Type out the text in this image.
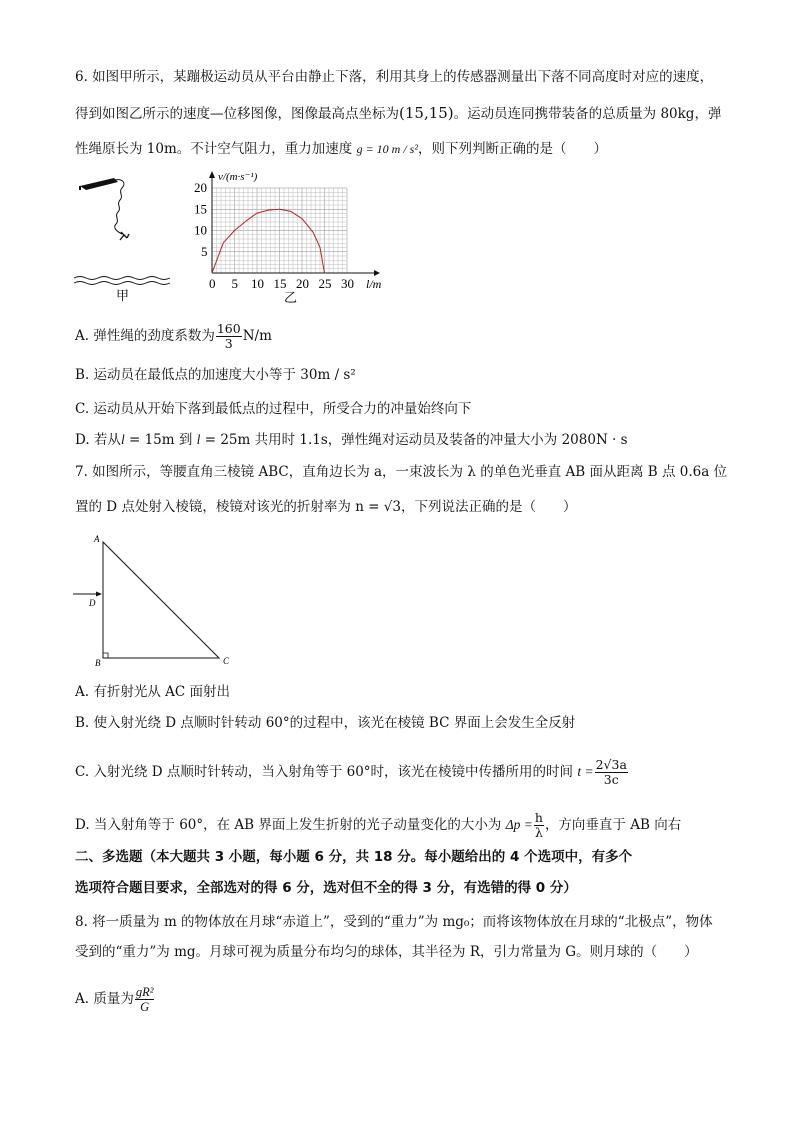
6. 如图甲所示，某蹦极运动员从平台由静止下落，利用其身上的传感器测量出下落不同高度时对应的速度，
得到如图乙所示的速度—位移图像，图像最高点坐标为(15,15)。运动员连同携带装备的总质量为 80kg，弹
性绳原长为 10m。不计空气阻力，重力加速度 g = 10 m / s²，则下列判断正确的是（　　）
甲
0 5 10 15 20 25 30
5
10
15
20
v/(m·s⁻¹)
l/m
乙
A. 弹性绳的劲度系数为 $\frac{160}{3} N/m$
B. 运动员在最低点的加速度大小等于 30m / s²
C. 运动员从开始下落到最低点的过程中，所受合力的冲量始终向下
D. 若从l = 15m 到 l = 25m 共用时 1.1s，弹性绳对运动员及装备的冲量大小为 2080N · s
7. 如图所示，等腰直角三棱镜 ABC，直角边长为 a，一束波长为 λ 的单色光垂直 AB 面从距离 B 点 0.6a 位
置的 D 点处射入棱镜，棱镜对该光的折射率为 n = √3，下列说法正确的是（　　）
A
D
B	C
A. 有折射光从 AC 面射出
B. 使入射光绕 D 点顺时针转动 60°的过程中，该光在棱镜 BC 界面上会发生全反射
C. 入射光绕 D 点顺时针转动，当入射角等于 60°时，该光在棱镜中传播所用的时间 $t = \frac{2√3a}{3c}$
D. 当入射角等于 60°，在 AB 界面上发生折射的光子动量变化的大小为 $\Delta p = \frac{h}{\lambda}$ ，方向垂直于 AB 向右
二、多选题（本大题共 3 小题，每小题 6 分，共 18 分。每小题给出的 4 个选项中，有多个
选项符合题目要求，全部选对的得 6 分，选对但不全的得 3 分，有选错的得 0 分）
8. 将一质量为 m 的物体放在月球“赤道上”，受到的“重力”为 mg₀；而将该物体放在月球的“北极点”，物体
受到的“重力”为 mg。月球可视为质量分布均匀的球体，其半径为 R，引力常量为 G。则月球的（　　）
A. 质量为 $\frac{\text{gR²}}{G}$
